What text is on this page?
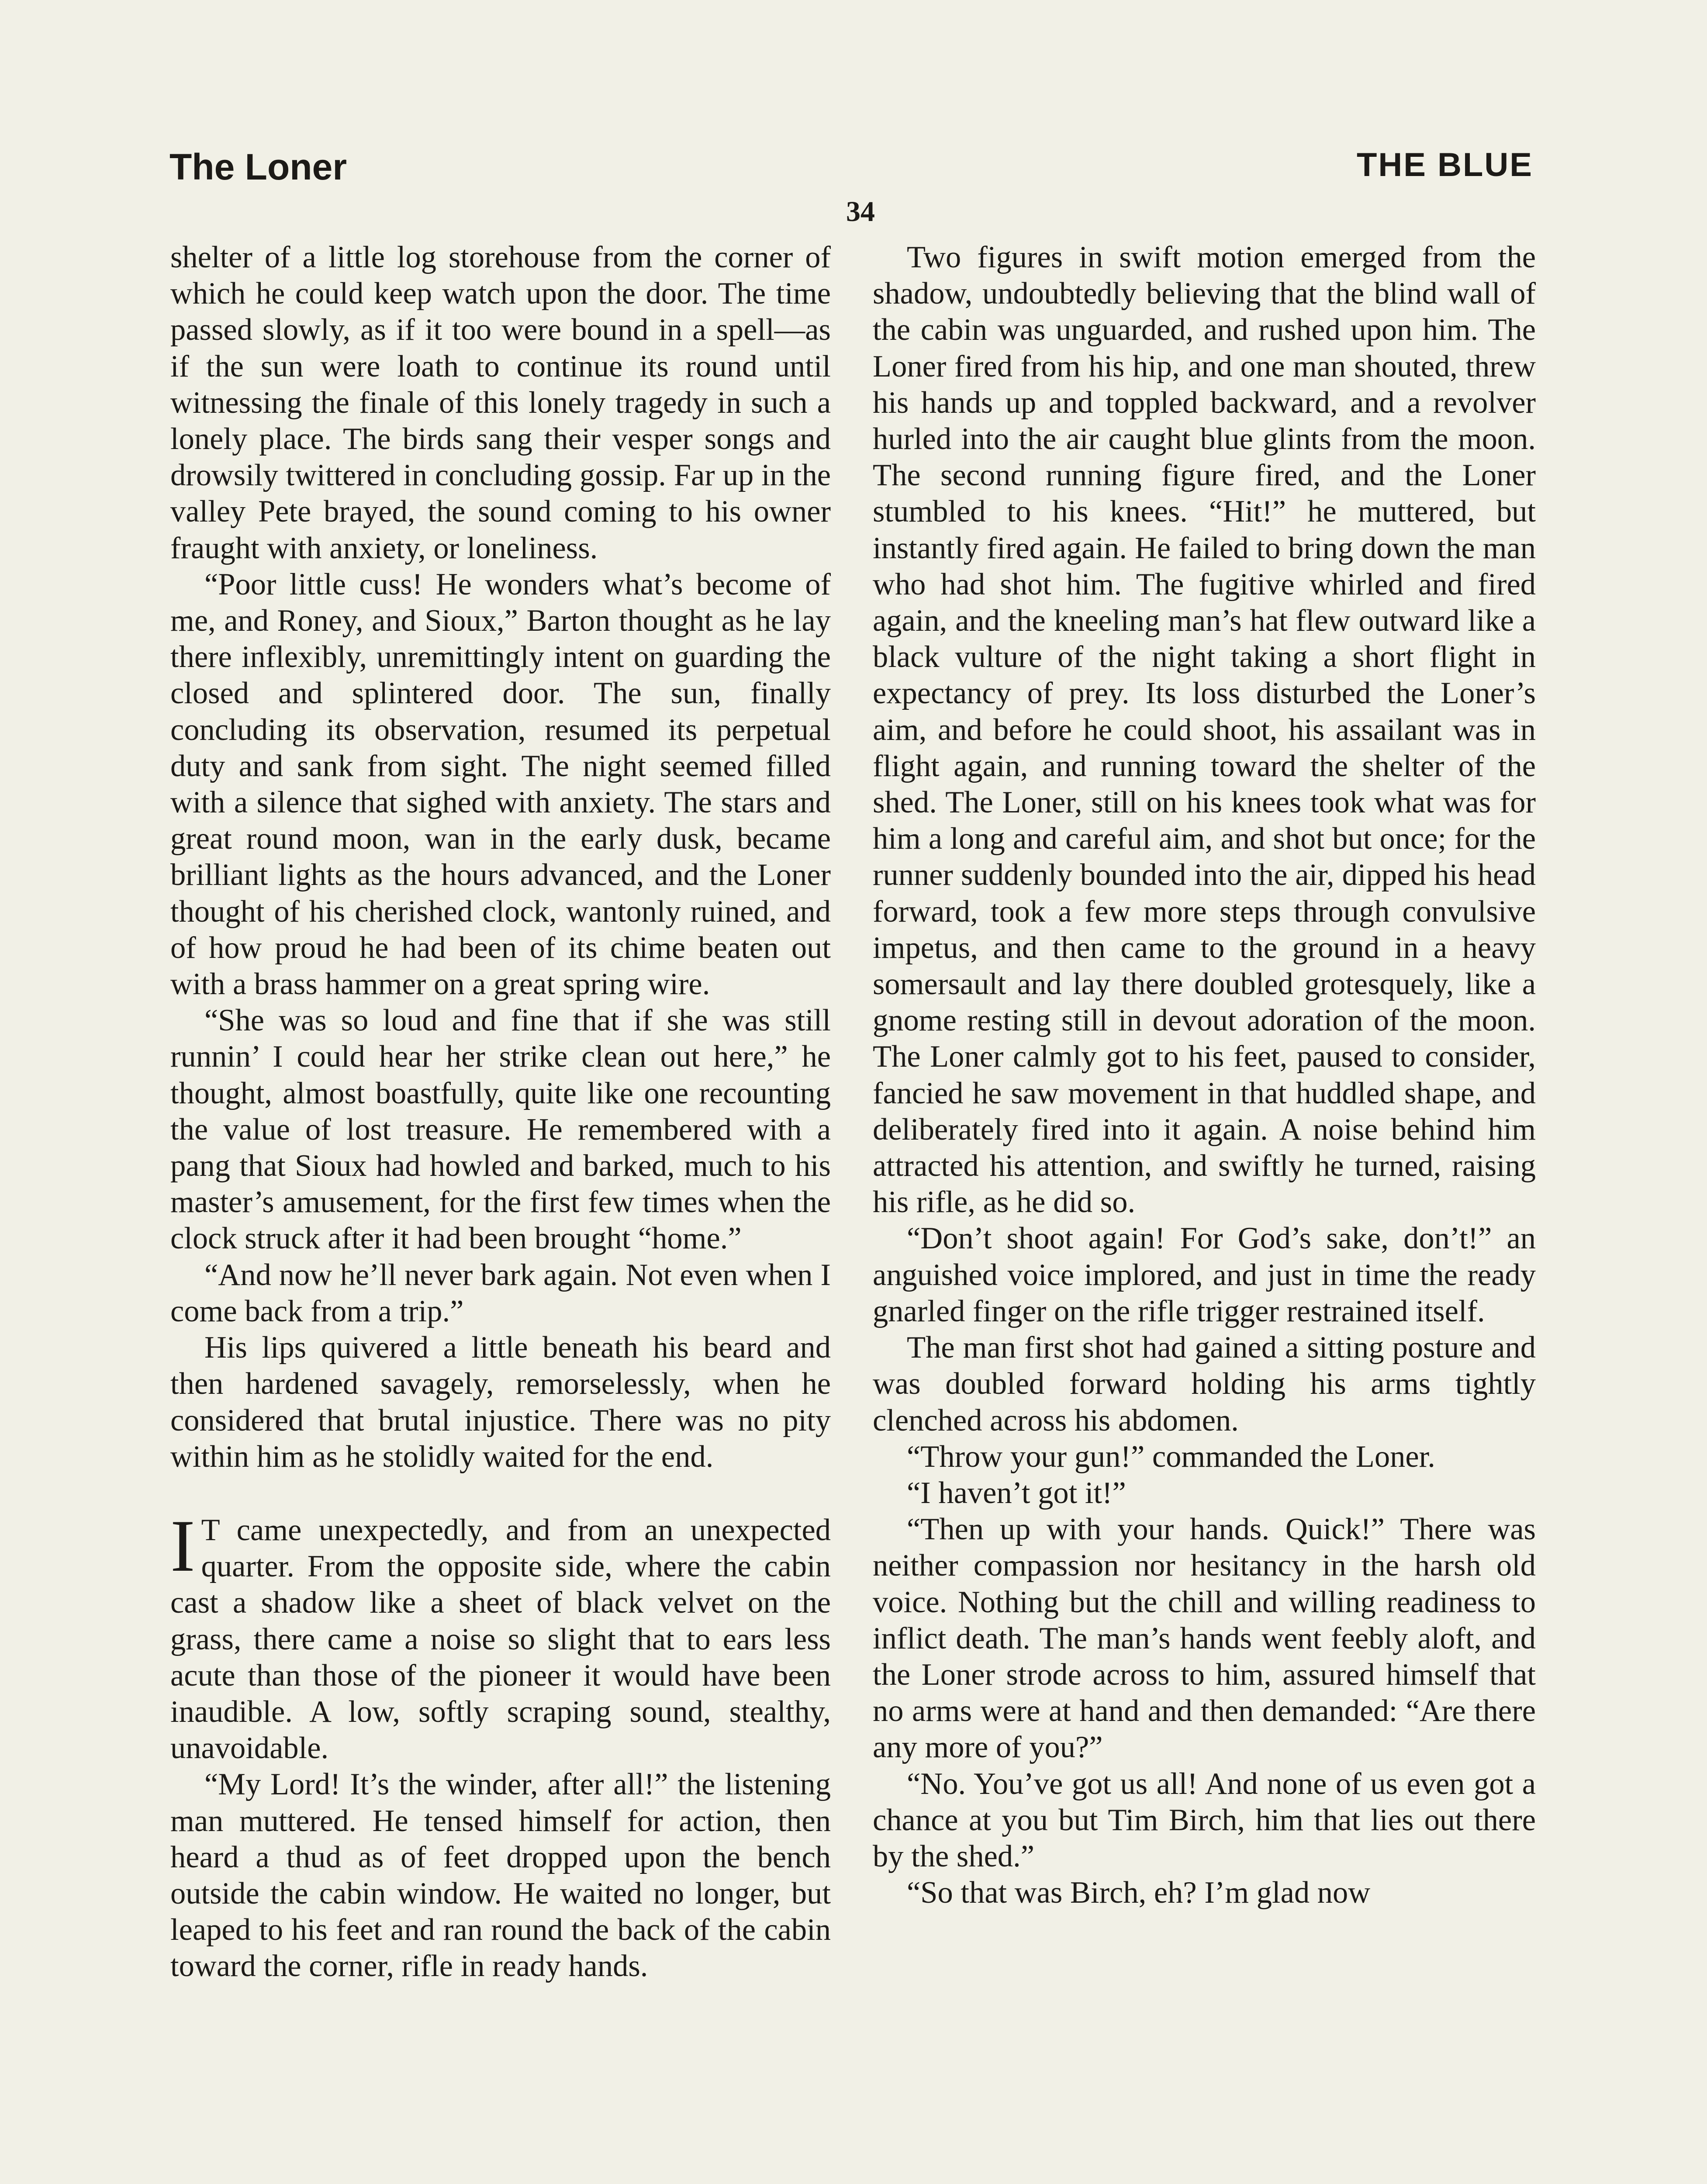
The Loner	THE BLUE
34

shelter of a little log storehouse from the corner of which he could keep watch upon the door. The time passed slowly, as if it too were bound in a spell—as if the sun were loath to continue its round until witnessing the finale of this lonely tragedy in such a lonely place. The birds sang their vesper songs and drowsily twittered in concluding gossip. Far up in the valley Pete brayed, the sound coming to his owner fraught with anxiety, or loneliness.

“Poor little cuss! He wonders what’s become of me, and Roney, and Sioux,” Barton thought as he lay there inflexibly, unremittingly intent on guarding the closed and splintered door. The sun, finally concluding its observation, resumed its perpetual duty and sank from sight. The night seemed filled with a silence that sighed with anxiety. The stars and great round moon, wan in the early dusk, became brilliant lights as the hours advanced, and the Loner thought of his cherished clock, wantonly ruined, and of how proud he had been of its chime beaten out with a brass hammer on a great spring wire.

“She was so loud and fine that if she was still runnin’ I could hear her strike clean out here,” he thought, almost boastfully, quite like one recounting the value of lost treasure. He remembered with a pang that Sioux had howled and barked, much to his master’s amusement, for the first few times when the clock struck after it had been brought “home.”

“And now he’ll never bark again. Not even when I come back from a trip.”

His lips quivered a little beneath his beard and then hardened savagely, remorselessly, when he considered that brutal injustice. There was no pity within him as he stolidly waited for the end.

I T came unexpectedly, and from an unexpected quarter. From the opposite side, where the cabin cast a shadow like a sheet of black velvet on the grass, there came a noise so slight that to ears less acute than those of the pioneer it would have been inaudible. A low, softly scraping sound, stealthy, unavoidable.

“My Lord! It’s the winder, after all!” the listening man muttered. He tensed himself for action, then heard a thud as of feet dropped upon the bench outside the cabin window. He waited no longer, but leaped to his feet and ran round the back of the cabin toward the corner, rifle in ready hands.

Two figures in swift motion emerged from the shadow, undoubtedly believing that the blind wall of the cabin was unguarded, and rushed upon him. The Loner fired from his hip, and one man shouted, threw his hands up and toppled backward, and a revolver hurled into the air caught blue glints from the moon. The second running figure fired, and the Loner stumbled to his knees. “Hit!” he muttered, but instantly fired again. He failed to bring down the man who had shot him. The fugitive whirled and fired again, and the kneeling man’s hat flew outward like a black vulture of the night taking a short flight in expectancy of prey. Its loss disturbed the Loner’s aim, and before he could shoot, his assailant was in flight again, and running toward the shelter of the shed. The Loner, still on his knees took what was for him a long and careful aim, and shot but once; for the runner suddenly bounded into the air, dipped his head forward, took a few more steps through convulsive impetus, and then came to the ground in a heavy somersault and lay there doubled grotesquely, like a gnome resting still in devout adoration of the moon. The Loner calmly got to his feet, paused to consider, fancied he saw movement in that huddled shape, and deliberately fired into it again. A noise behind him attracted his attention, and swiftly he turned, raising his rifle, as he did so.

“Don’t shoot again! For God’s sake, don’t!” an anguished voice implored, and just in time the ready gnarled finger on the rifle trigger restrained itself.

The man first shot had gained a sitting posture and was doubled forward holding his arms tightly clenched across his abdomen.

“Throw your gun!” commanded the Loner.

“I haven’t got it!”

“Then up with your hands. Quick!” There was neither compassion nor hesitancy in the harsh old voice. Nothing but the chill and willing readiness to inflict death. The man’s hands went feebly aloft, and the Loner strode across to him, assured himself that no arms were at hand and then demanded: “Are there any more of you?”

“No. You’ve got us all! And none of us even got a chance at you but Tim Birch, him that lies out there by the shed.”

“So that was Birch, eh? I’m glad now
